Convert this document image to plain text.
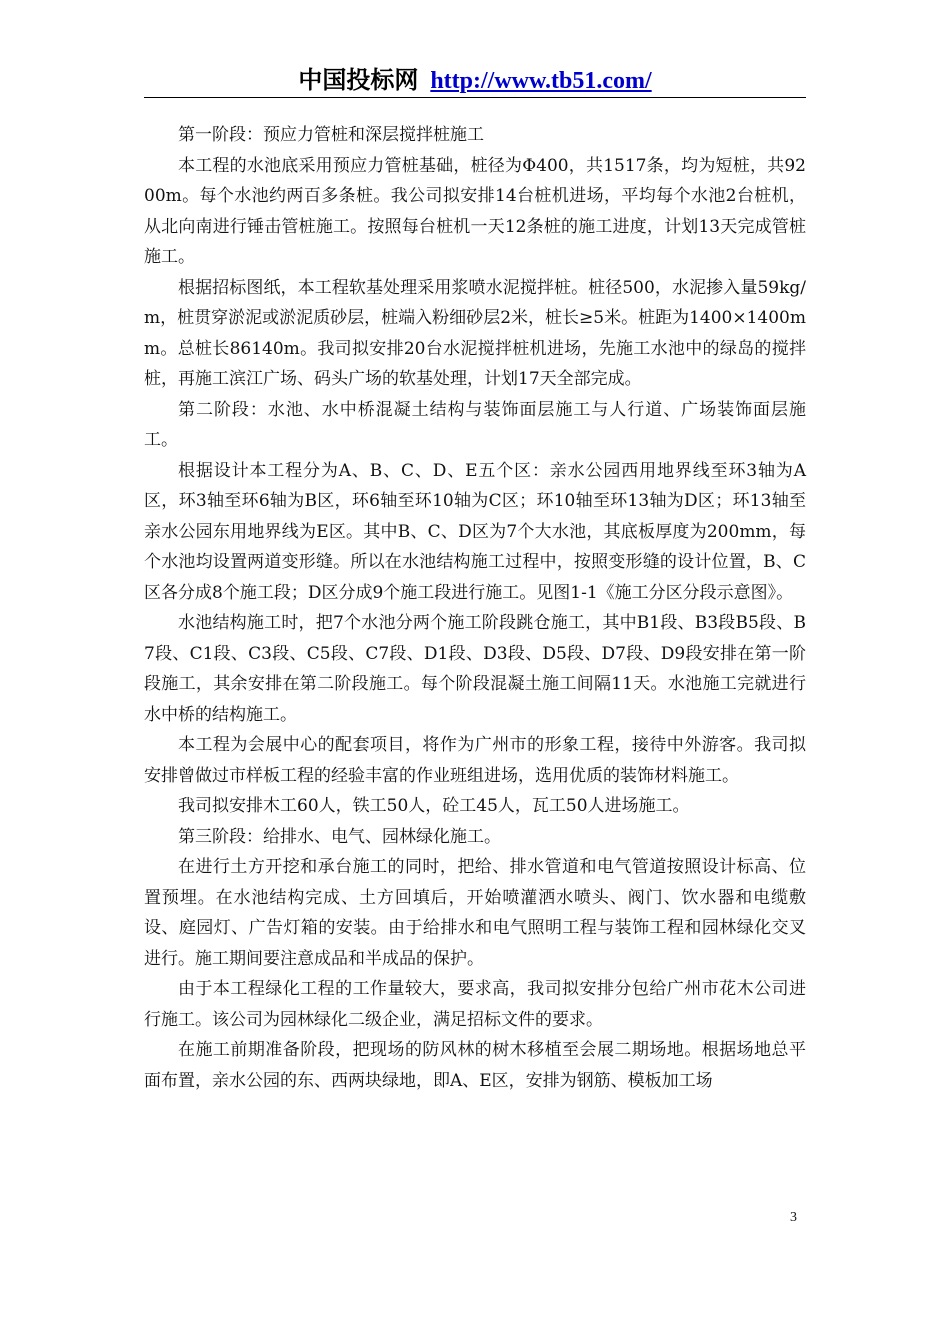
中国投标网 http://www.tb51.com/

第一阶段：预应力管桩和深层搅拌桩施工

本工程的水池底采用预应力管桩基础，桩径为Φ400，共1517条，均为短桩，共9200m。每个水池约两百多条桩。我公司拟安排14台桩机进场，平均每个水池2台桩机，从北向南进行锤击管桩施工。按照每台桩机一天12条桩的施工进度，计划13天完成管桩施工。

根据招标图纸，本工程软基处理采用浆喷水泥搅拌桩。桩径500，水泥掺入量59kg/m，桩贯穿淤泥或淤泥质砂层，桩端入粉细砂层2米，桩长≥5米。桩距为1400×1400mm。总桩长86140m。我司拟安排20台水泥搅拌桩机进场，先施工水池中的绿岛的搅拌桩，再施工滨江广场、码头广场的软基处理，计划17天全部完成。

第二阶段：水池、水中桥混凝土结构与装饰面层施工与人行道、广场装饰面层施工。

根据设计本工程分为A、B、C、D、E五个区：亲水公园西用地界线至环3轴为A区，环3轴至环6轴为B区，环6轴至环10轴为C区；环10轴至环13轴为D区；环13轴至亲水公园东用地界线为E区。其中B、C、D区为7个大水池，其底板厚度为200mm，每个水池均设置两道变形缝。所以在水池结构施工过程中，按照变形缝的设计位置，B、C区各分成8个施工段；D区分成9个施工段进行施工。见图1-1《施工分区分段示意图》。

水池结构施工时，把7个水池分两个施工阶段跳仓施工，其中B1段、B3段B5段、B7段、C1段、C3段、C5段、C7段、D1段、D3段、D5段、D7段、D9段安排在第一阶段施工，其余安排在第二阶段施工。每个阶段混凝土施工间隔11天。水池施工完就进行水中桥的结构施工。

本工程为会展中心的配套项目，将作为广州市的形象工程，接待中外游客。我司拟安排曾做过市样板工程的经验丰富的作业班组进场，选用优质的装饰材料施工。

我司拟安排木工60人，铁工50人，砼工45人，瓦工50人进场施工。

第三阶段：给排水、电气、园林绿化施工。

在进行土方开挖和承台施工的同时，把给、排水管道和电气管道按照设计标高、位置预埋。在水池结构完成、土方回填后，开始喷灌洒水喷头、阀门、饮水器和电缆敷设、庭园灯、广告灯箱的安装。由于给排水和电气照明工程与装饰工程和园林绿化交叉进行。施工期间要注意成品和半成品的保护。

由于本工程绿化工程的工作量较大，要求高，我司拟安排分包给广州市花木公司进行施工。该公司为园林绿化二级企业，满足招标文件的要求。

在施工前期准备阶段，把现场的防风林的树木移植至会展二期场地。根据场地总平面布置，亲水公园的东、西两块绿地，即A、E区，安排为钢筋、模板加工场

3
